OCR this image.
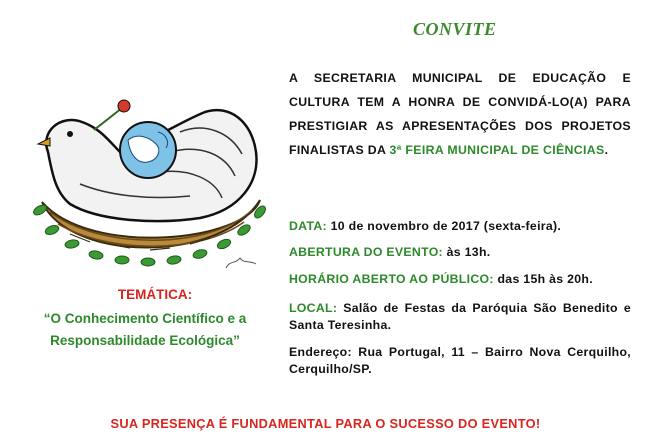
CONVITE
A SECRETARIA MUNICIPAL DE EDUCAÇÃO E CULTURA TEM A HONRA DE CONVIDÁ-LO(A) PARA PRESTIGIAR AS APRESENTAÇÕES DOS PROJETOS FINALISTAS DA 3ª FEIRA MUNICIPAL DE CIÊNCIAS.
DATA: 10 de novembro de 2017 (sexta-feira).
ABERTURA DO EVENTO: às 13h.
HORÁRIO ABERTO AO PÚBLICO: das 15h às 20h.
LOCAL: Salão de Festas da Paróquia São Benedito e Santa Teresinha.
Endereço: Rua Portugal, 11 – Bairro Nova Cerquilho, Cerquilho/SP.
TEMÁTICA:
“O Conhecimento Científico e a
Responsabilidade Ecológica”
SUA PRESENÇA É FUNDAMENTAL PARA O SUCESSO DO EVENTO!
